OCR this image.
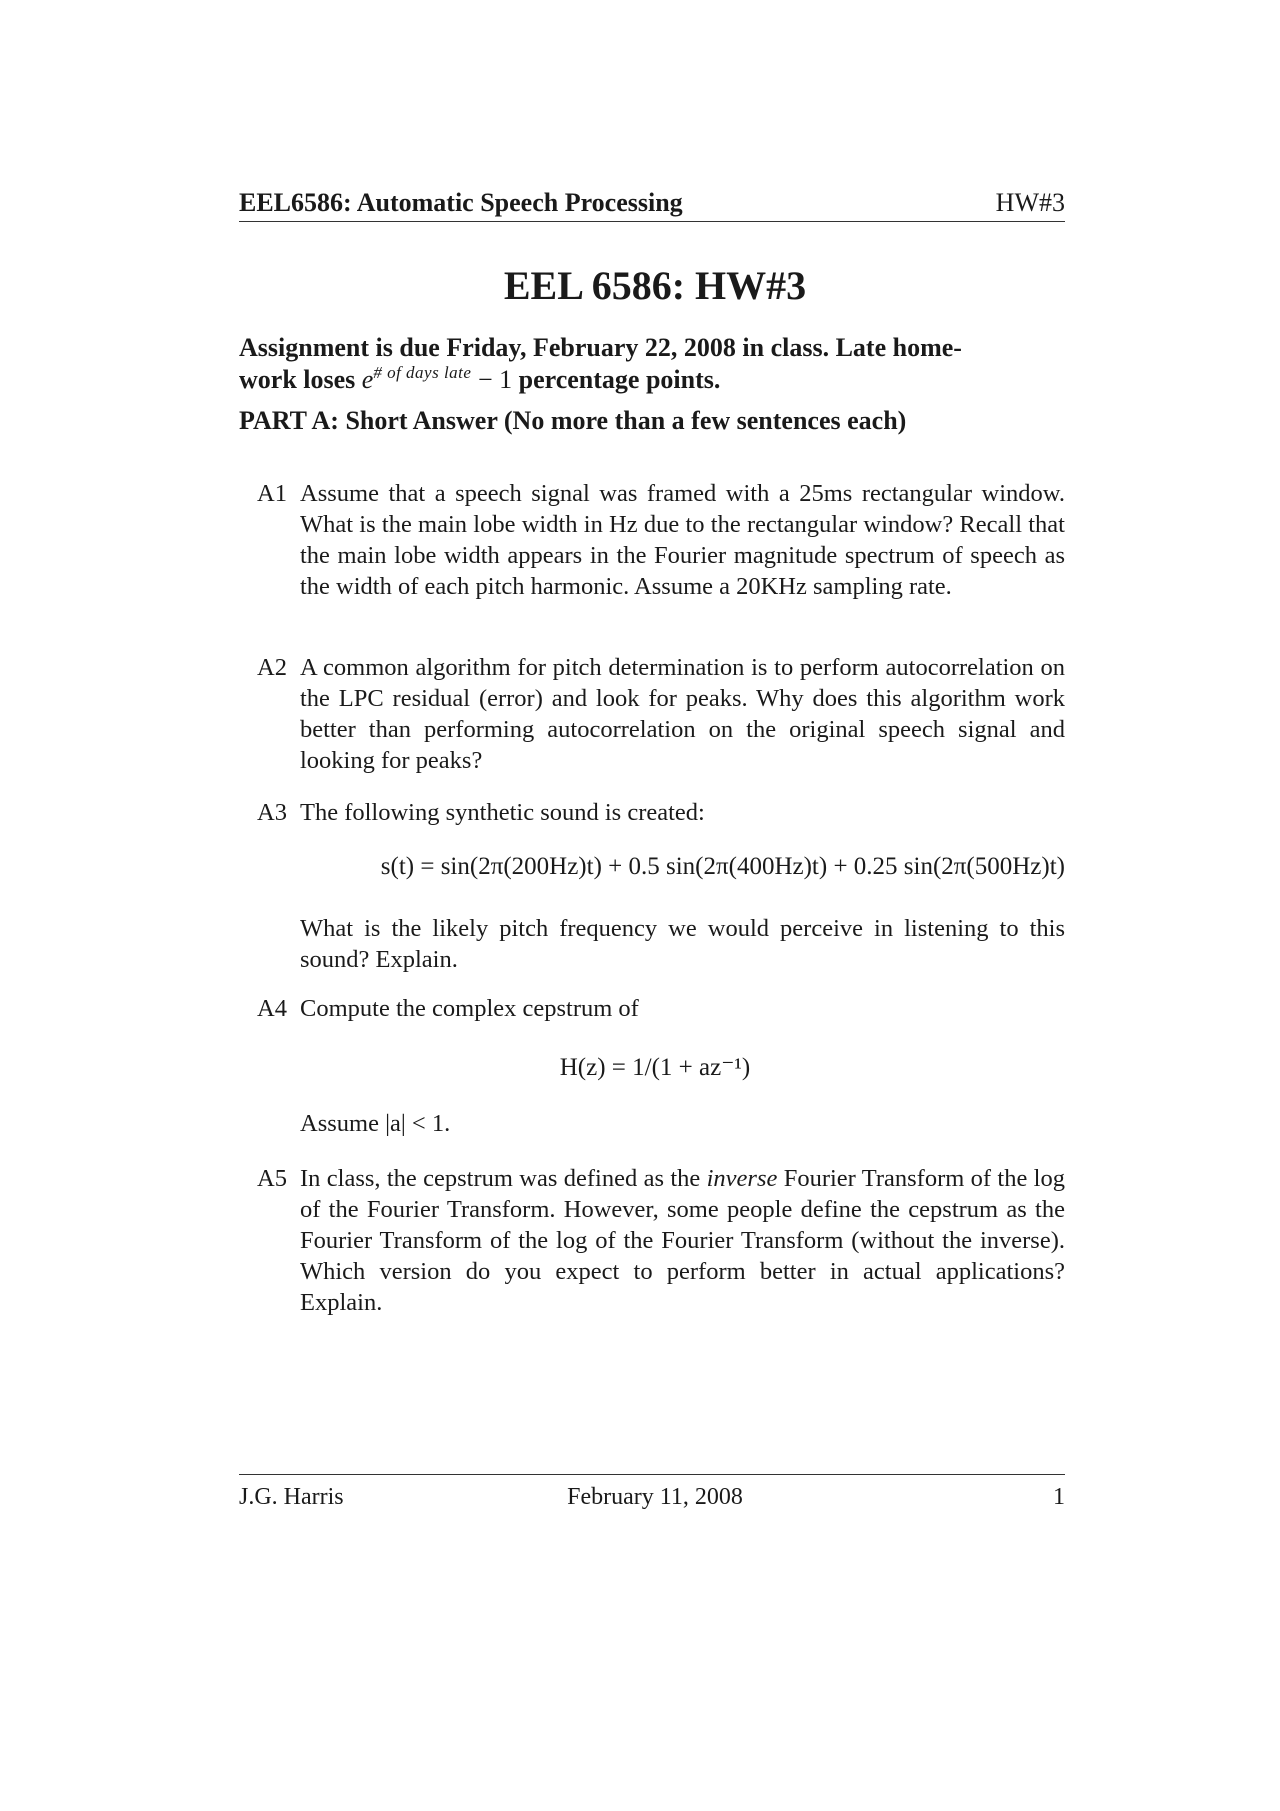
EEL6586: Automatic Speech Processing	HW#3
EEL 6586: HW#3
Assignment is due Friday, February 22, 2008 in class. Late home-
work loses $e^{\# of days late} - 1$ percentage points.
PART A: Short Answer (No more than a few sentences each)
A1 Assume that a speech signal was framed with a 25ms rectangular window. What is the main lobe width in Hz due to the rectangular window? Recall that the main lobe width appears in the Fourier magnitude spectrum of speech as the width of each pitch harmonic. Assume a 20KHz sampling rate.
A2 A common algorithm for pitch determination is to perform autocorrelation on the LPC residual (error) and look for peaks. Why does this algorithm work better than performing autocorrelation on the original speech signal and looking for peaks?
A3 The following synthetic sound is created:
s(t) = sin(2π(200Hz)t) + 0.5 sin(2π(400Hz)t) + 0.25 sin(2π(500Hz)t)
What is the likely pitch frequency we would perceive in listening to this sound? Explain.
A4 Compute the complex cepstrum of
H(z) = 1/(1 + az⁻¹)
Assume |a| < 1.
A5 In class, the cepstrum was defined as the inverse Fourier Transform of the log of the Fourier Transform. However, some people define the cepstrum as the Fourier Transform of the log of the Fourier Transform (without the inverse). Which version do you expect to perform better in actual applications? Explain.
J.G. Harris	February 11, 2008	1
